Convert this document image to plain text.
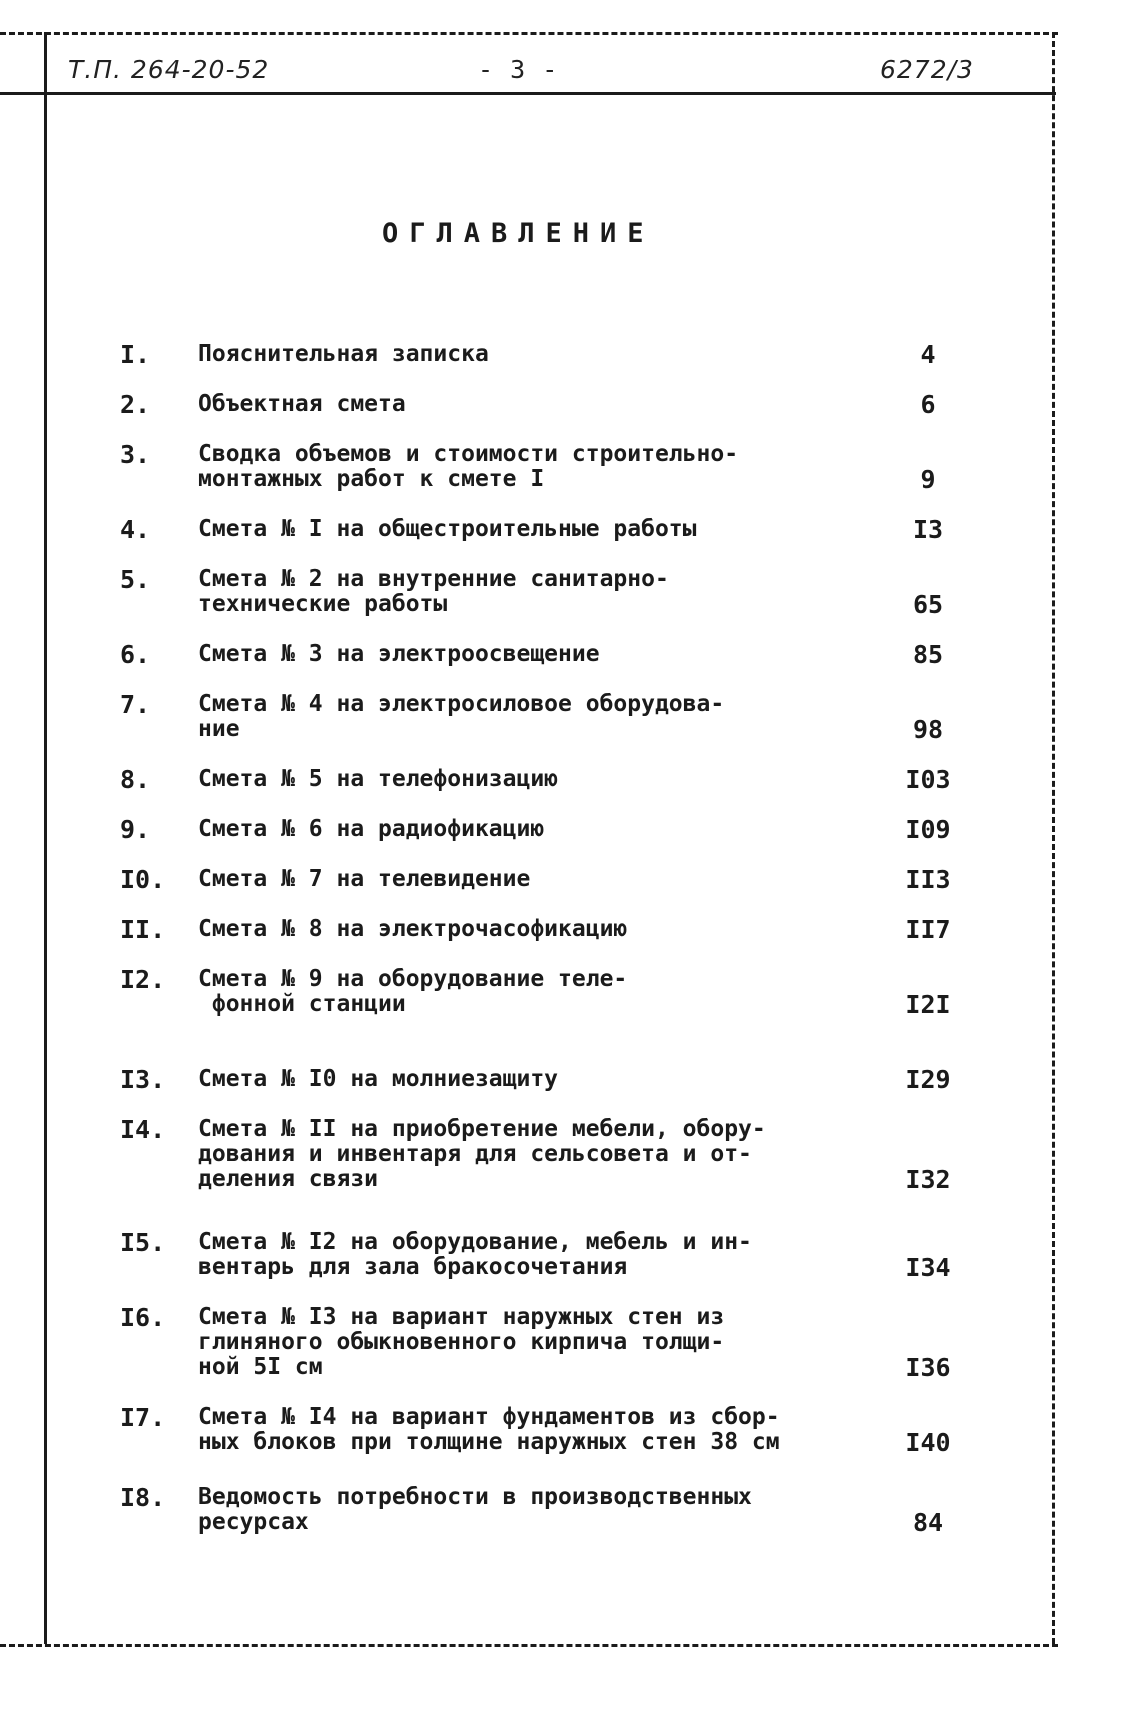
Т.П. 264-20-52	- 3 -	6272/3
ОГЛАВЛЕНИЕ
I. Пояснительная записка	4
2. Объектная смета	6
3. Сводка объемов и стоимости строительно-
монтажных работ к смете I	9
4. Смета № I на общестроительные работы	I3
5. Смета № 2 на внутренние санитарно-
технические работы	65
6. Смета № 3 на электроосвещение	85
7. Смета № 4 на электросиловое оборудова-
ние	98
8. Смета № 5 на телефонизацию	I03
9. Смета № 6 на радиофикацию	I09
I0. Смета № 7 на телевидение	II3
II. Смета № 8 на электрочасофикацию	II7
I2. Смета № 9 на оборудование теле-
фонной станции	I2I
I3. Смета № I0 на молниезащиту	I29
I4. Смета № II на приобретение мебели, обору-
дования и инвентаря для сельсовета и от-
деления связи	I32
I5. Смета № I2 на оборудование, мебель и ин-
вентарь для зала бракосочетания	I34
I6. Смета № I3 на вариант наружных стен из
глиняного обыкновенного кирпича толщи-
ной 5I см	I36
I7. Смета № I4 на вариант фундаментов из сбор-
ных блоков при толщине наружных стен 38 см	I40
I8. Ведомость потребности в производственных
ресурсах	84
